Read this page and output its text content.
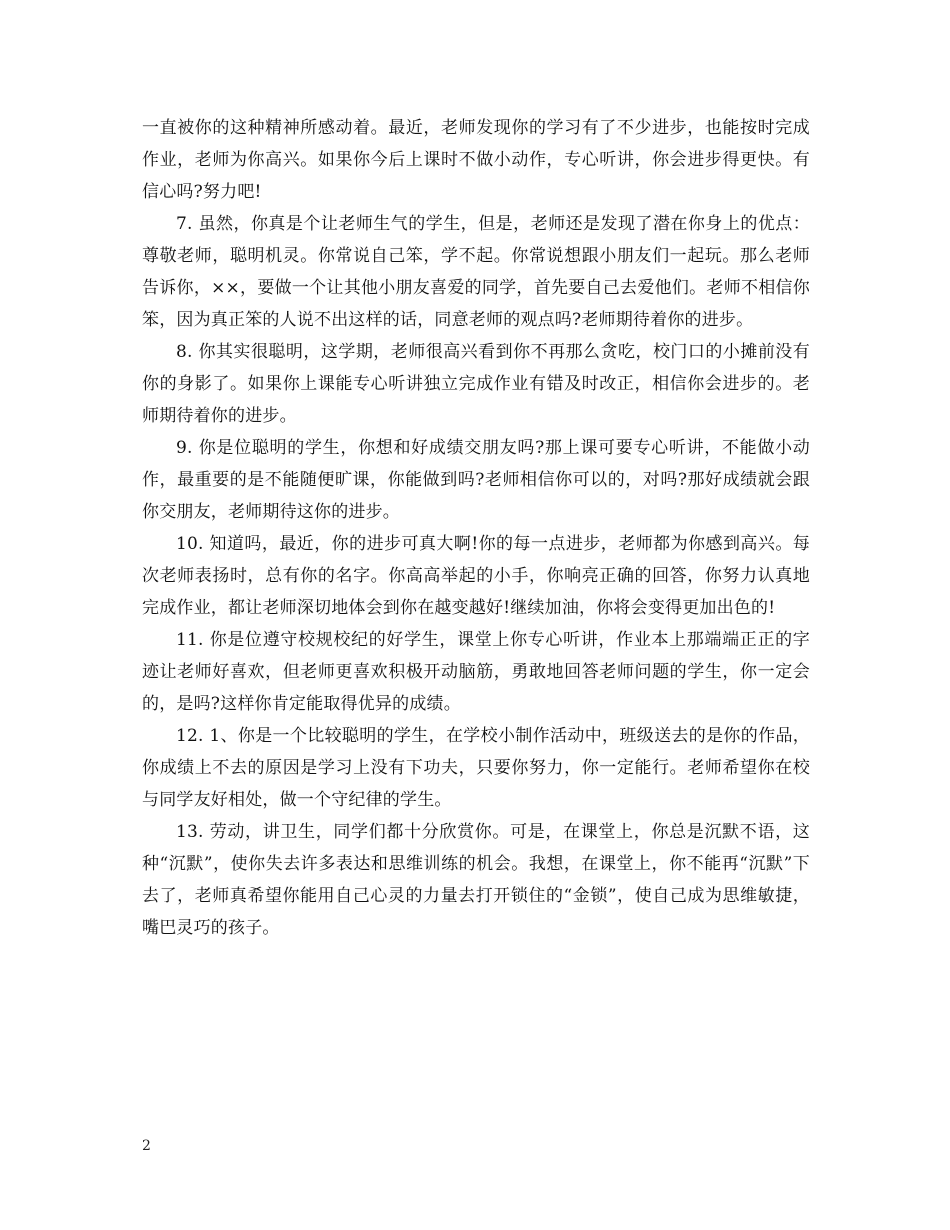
一直被你的这种精神所感动着。最近，老师发现你的学习有了不少进步，也能按时完成作业，老师为你高兴。如果你今后上课时不做小动作，专心听讲，你会进步得更快。有信心吗?努力吧!

7. 虽然，你真是个让老师生气的学生，但是，老师还是发现了潜在你身上的优点：尊敬老师，聪明机灵。你常说自己笨，学不起。你常说想跟小朋友们一起玩。那么老师告诉你，××，要做一个让其他小朋友喜爱的同学，首先要自己去爱他们。老师不相信你笨，因为真正笨的人说不出这样的话，同意老师的观点吗?老师期待着你的进步。

8. 你其实很聪明，这学期，老师很高兴看到你不再那么贪吃，校门口的小摊前没有你的身影了。如果你上课能专心听讲独立完成作业有错及时改正，相信你会进步的。老师期待着你的进步。

9. 你是位聪明的学生，你想和好成绩交朋友吗?那上课可要专心听讲，不能做小动作，最重要的是不能随便旷课，你能做到吗?老师相信你可以的，对吗?那好成绩就会跟你交朋友，老师期待这你的进步。

10. 知道吗，最近，你的进步可真大啊!你的每一点进步，老师都为你感到高兴。每次老师表扬时，总有你的名字。你高高举起的小手，你响亮正确的回答，你努力认真地完成作业，都让老师深切地体会到你在越变越好!继续加油，你将会变得更加出色的!

11. 你是位遵守校规校纪的好学生，课堂上你专心听讲，作业本上那端端正正的字迹让老师好喜欢，但老师更喜欢积极开动脑筋，勇敢地回答老师问题的学生，你一定会的，是吗?这样你肯定能取得优异的成绩。

12. 1、你是一个比较聪明的学生，在学校小制作活动中，班级送去的是你的作品，你成绩上不去的原因是学习上没有下功夫，只要你努力，你一定能行。老师希望你在校与同学友好相处，做一个守纪律的学生。

13. 劳动，讲卫生，同学们都十分欣赏你。可是，在课堂上，你总是沉默不语，这种“沉默”，使你失去许多表达和思维训练的机会。我想，在课堂上，你不能再“沉默”下去了，老师真希望你能用自己心灵的力量去打开锁住的“金锁”，使自己成为思维敏捷，嘴巴灵巧的孩子。

2
